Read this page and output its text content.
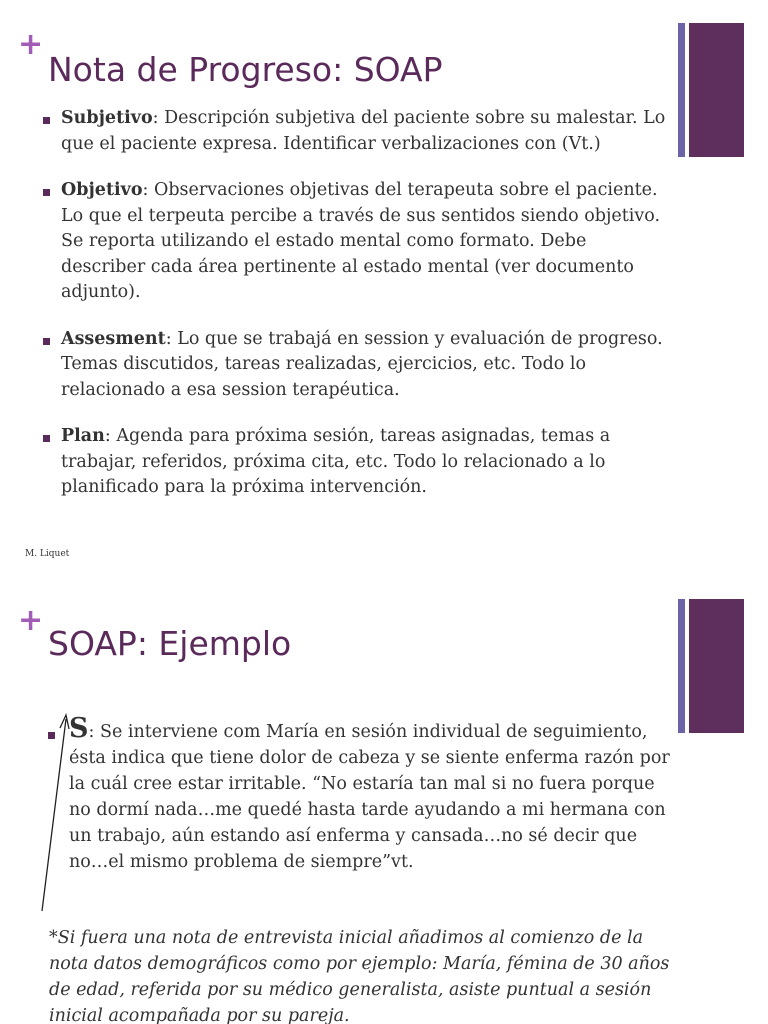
+
Nota de Progreso: SOAP
Subjetivo: Descripción subjetiva del paciente sobre su malestar. Lo que el paciente expresa. Identificar verbalizaciones con (Vt.)
Objetivo: Observaciones objetivas del terapeuta sobre el paciente. Lo que el terpeuta percibe a través de sus sentidos siendo objetivo. Se reporta utilizando el estado mental como formato. Debe describer cada área pertinente al estado mental (ver documento adjunto).
Assesment: Lo que se trabajá en session y evaluación de progreso. Temas discutidos, tareas realizadas, ejercicios, etc. Todo lo relacionado a esa session terapéutica.
Plan: Agenda para próxima sesión, tareas asignadas, temas a trabajar, referidos, próxima cita, etc. Todo lo relacionado a lo planificado para la próxima intervención.
M. Liquet
+
SOAP: Ejemplo
S: Se interviene com María en sesión individual de seguimiento, ésta indica que tiene dolor de cabeza y se siente enferma razón por la cuál cree estar irritable. “No estaría tan mal si no fuera porque no dormí nada…me quedé hasta tarde ayudando a mi hermana con un trabajo, aún estando así enferma y cansada…no sé decir que no…el mismo problema de siempre”vt.

*Si fuera una nota de entrevista inicial añadimos al comienzo de la nota datos demográficos como por ejemplo: María, fémina de 30 años de edad, referida por su médico generalista, asiste puntual a sesión inicial acompañada por su pareja.
